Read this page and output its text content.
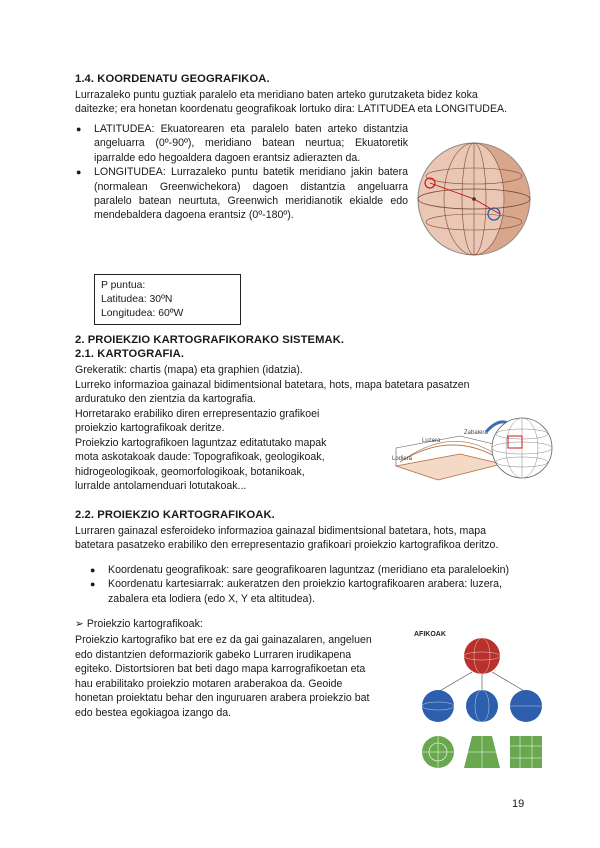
1.4. KOORDENATU GEOGRAFIKOA.
Lurrazaleko puntu guztiak paralelo eta meridiano baten arteko gurutzaketa bidez koka
daitezke; era honetan koordenatu geografikoak lortuko dira: LATITUDEA eta LONGITUDEA.
● LATITUDEA: Ekuatorearen eta paralelo baten arteko distantzia angeluarra (0º-90º), meridiano batean neurtua; Ekuatoretik iparralde edo hegoaldera dagoen erantsiz adierazten da.
● LONGITUDEA: Lurrazaleko puntu batetik meridiano jakin batera (normalean Greenwichekora) dagoen distantzia angeluarra paralelo batean neurtuta, Greenwich meridianotik ekialde edo mendebaldera dagoena erantsiz (0º-180º).
P puntua:
Latitudea: 30ºN
Longitudea: 60ºW
2. PROIEKZIO KARTOGRAFIKORAKO SISTEMAK.
2.1. KARTOGRAFIA.
Grekeratik: chartis (mapa) eta graphien (idatzia).
Lurreko informazioa gainazal bidimentsional batetara, hots, mapa batetara pasatzen
arduratuko den zientzia da kartografia.
Horretarako erabiliko diren errepresentazio grafikoei
proiekzio kartografikoak deritze.
Proiekzio kartografikoen laguntzaz editatutako mapak
mota askotakoak daude: Topografikoak, geologikoak,
hidrogeologikoak, geomorfologikoak, botanikoak,
lurralde antolamenduari lotutakoak...
Luzera
Zabalera
Lodiera
2.2. PROIEKZIO KARTOGRAFIKOAK.
Lurraren gainazal esferoideko informazioa gainazal bidimentsional batetara, hots, mapa
batetara pasatzeko erabiliko den errepresentazio grafikoari proiekzio kartografikoa deritzo.
● Koordenatu geografikoak: sare geografikoaren laguntzaz (meridiano eta paraleloekin)
● Koordenatu kartesiarrak: aukeratzen den proiekzio kartografikoaren arabera: luzera, zabalera eta lodiera (edo X, Y eta altitudea).
➢ Proiekzio kartografikoak:
Proiekzio kartografiko bat ere ez da gai gainazalaren, angeluen
edo distantzien deformaziorik gabeko Lurraren irudikapena
egiteko. Distortsioren bat beti dago mapa karrografikoetan eta
hau erabilitako proiekzio motaren araberakoa da. Geoide
honetan proiektatu behar den inguruaren arabera proiekzio bat
edo bestea egokiagoa izango da.
AFIKOAK
19
